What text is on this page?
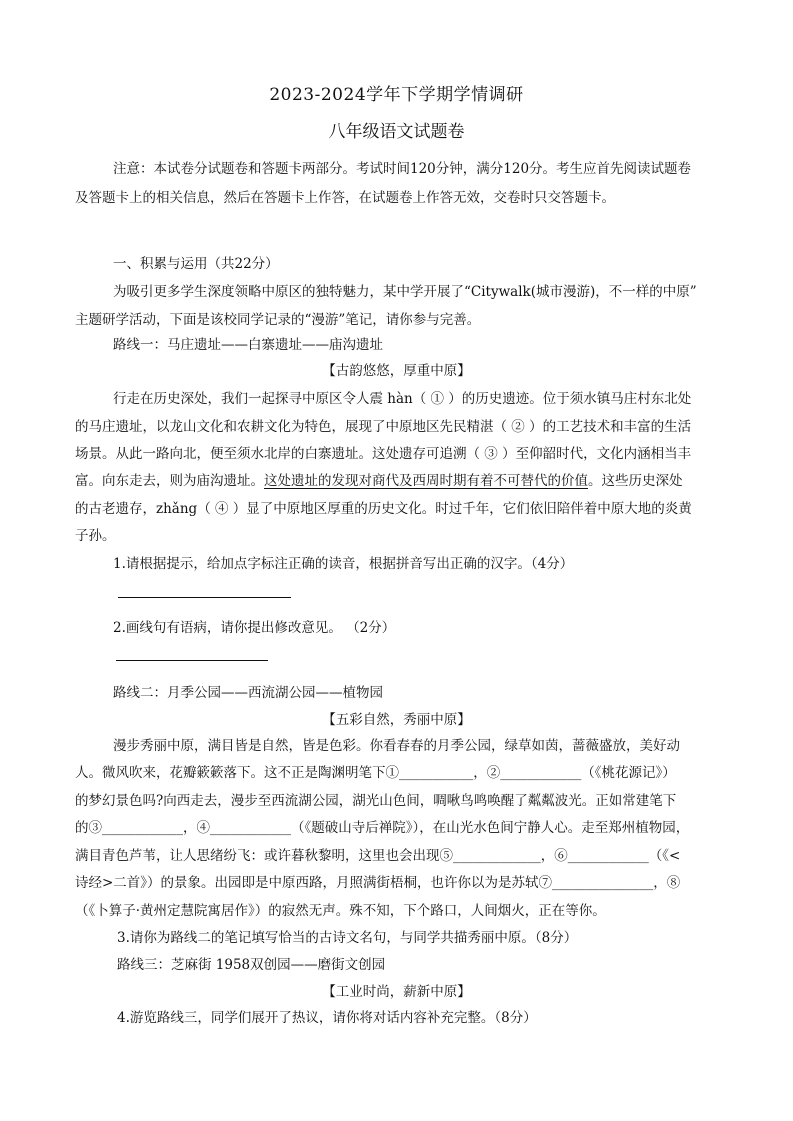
2023-2024学年下学期学情调研
八年级语文试题卷
注意：本试卷分试题卷和答题卡两部分。考试时间120分钟，满分120分。考生应首先阅读试题卷
及答题卡上的相关信息，然后在答题卡上作答，在试题卷上作答无效，交卷时只交答题卡。
一、积累与运用（共22分）
为吸引更多学生深度领略中原区的独特魅力，某中学开展了“Citywalk(城市漫游)，不一样的中原”
主题研学活动，下面是该校同学记录的“漫游”笔记，请你参与完善。
路线一：马庄遗址——白寨遗址——庙沟遗址
【古韵悠悠，厚重中原】
行走在历史深处，我们一起探寻中原区令人震 hàn（ ① ）的历史遗迹。位于须水镇马庄村东北处
的马庄遗址，以龙山文化和农耕文化为特色，展现了中原地区先民精湛（ ② ）的工艺技术和丰富的生活
场景。从此一路向北，便至须水北岸的白寨遗址。这处遗存可追溯（ ③ ）至仰韶时代，文化内涵相当丰
富。向东走去，则为庙沟遗址。这处遗址的发现对商代及西周时期有着不可替代的价值。这些历史深处
的古老遗存，zhǎng（ ④ ）显了中原地区厚重的历史文化。时过千年，它们依旧陪伴着中原大地的炎黄
子孙。
1.请根据提示，给加点字标注正确的读音，根据拼音写出正确的汉字。（4分）
2.画线句有语病，请你提出修改意见。 （2分）
路线二：月季公园——西流湖公园——植物园
【五彩自然，秀丽中原】
漫步秀丽中原，满目皆是自然，皆是色彩。你看春春的月季公园，绿草如茵，蔷薇盛放，美好动
人。微风吹来，花瓣簌簌落下。这不正是陶渊明笔下①___________，②____________（《桃花源记》）
的梦幻景色吗?向西走去，漫步至西流湖公园，湖光山色间，啁啾鸟鸣唤醒了粼粼波光。正如常建笔下
的③____________，④____________（《题破山寺后禅院》），在山光水色间宁静人心。走至郑州植物园，
满目青色芦苇，让人思绪纷飞：或许暮秋黎明，这里也会出现⑤_____________，⑥____________（《<
诗经>二首》）的景象。出园即是中原西路，月照满街梧桐，也许你以为是苏轼⑦_______________，⑧
（《卜算子·黄州定慧院寓居作》）的寂然无声。殊不知，下个路口，人间烟火，正在等你。
3.请你为路线二的笔记填写恰当的古诗文名句，与同学共描秀丽中原。（8分）
路线三：芝麻街 1958双创园——磨街文创园
【工业时尚，薪新中原】
4.游览路线三，同学们展开了热议，请你将对话内容补充完整。（8分）
